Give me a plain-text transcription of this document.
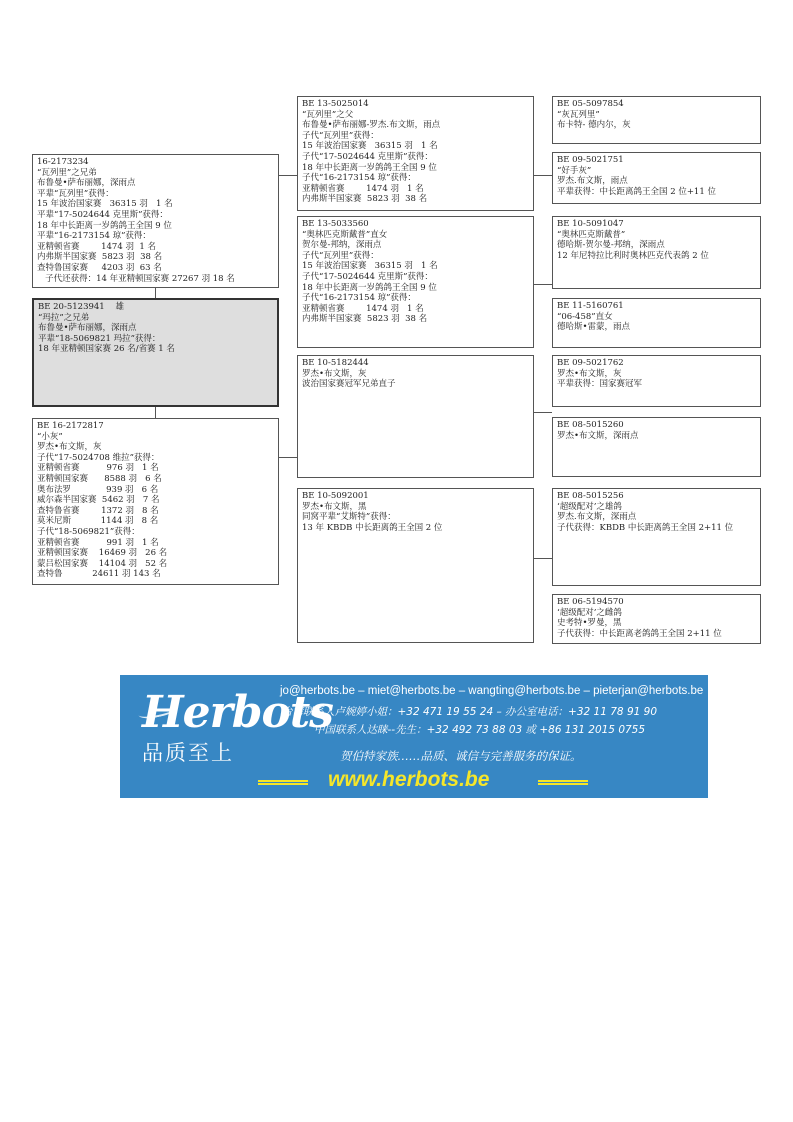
16-2173234
“瓦列里”之兄弟
布鲁曼•萨布丽娜，深雨点
平辈“瓦列里”获得：
15 年波治国家赛   36315 羽   1 名
平辈“17-5024644 克里斯”获得：
18 年中长距离一岁鸽鸽王全国 9 位
平辈“16-2173154 琼”获得：
亚精顿省赛        1474 羽  1 名
内弗斯半国家赛  5823 羽  38 名
查特鲁国家赛     4203 羽  63 名
子代还获得：14 年亚精顿国家赛 27267 羽 18 名
BE 20-5123941    雄
“玛拉”之兄弟
布鲁曼•萨布丽娜，深雨点
平辈“18-5069821 玛拉”获得：
18 年亚精顿国家赛 26 名/省赛 1 名
BE 16-2172817
“小灰”
罗杰•布文斯，灰
子代“17-5024708 维拉”获得：
亚精顿省赛          976 羽   1 名
亚精顿国家赛      8588 羽   6 名
奥布法罗             939 羽   6 名
威尔森半国家赛  5462 羽   7 名
查特鲁省赛        1372 羽   8 名
莫米尼斯           1144 羽   8 名
子代“18-5069821”获得：
亚精顿省赛          991 羽   1 名
亚精顿国家赛    16469 羽   26 名
蒙吕松国家赛    14104 羽   52 名
查特鲁           24611 羽 143 名
BE 13-5025014
“瓦列里”之父
布鲁曼•萨布丽娜-罗杰.布文斯，雨点
子代“瓦列里”获得：
15 年波治国家赛   36315 羽   1 名
子代“17-5024644 克里斯”获得：
18 年中长距离一岁鸽鸽王全国 9 位
子代“16-2173154 琼”获得：
亚精顿省赛        1474 羽   1 名
内弗斯半国家赛  5823 羽  38 名
BE 13-5033560
“奥林匹克斯戴普”直女
贺尔曼-邦纳，深雨点
子代“瓦列里”获得：
15 年波治国家赛   36315 羽   1 名
子代“17-5024644 克里斯”获得：
18 年中长距离一岁鸽鸽王全国 9 位
子代“16-2173154 琼”获得：
亚精顿省赛        1474 羽   1 名
内弗斯半国家赛  5823 羽  38 名
BE 10-5182444
罗杰•布文斯，灰
波治国家赛冠军兄弟直子
BE 10-5092001
罗杰•布文斯，黑
同窝平辈“艾斯特”获得：
13 年 KBDB 中长距离鸽王全国 2 位
BE 05-5097854
“灰瓦列里”
布卡特- 德内尔，灰
BE 09-5021751
“好手灰”
罗杰.布文斯，雨点
平辈获得：中长距离鸽王全国 2 位+11 位
BE 10-5091047
“奥林匹克斯戴普”
德哈斯-贺尔曼-邦纳，深雨点
12 年尼特拉比利时奥林匹克代表鸽 2 位
BE 11-5160761
“06-458”直女
德哈斯•雷蒙，雨点
BE 09-5021762
罗杰•布文斯，灰
平辈获得：国家赛冠军
BE 08-5015260
罗杰•布文斯，深雨点
BE 08-5015256
‘超级配对’之雄鸽
罗杰.布文斯，深雨点
子代获得：KBDB 中长距离鸽王全国 2+11 位
BE 06-5194570
‘超级配对’之雌鸽
史考特•罗曼，黑
子代获得：中长距离老鸽鸽王全国 2+11 位
Herbots
品质至上
jo@herbots.be – miet@herbots.be – wangting@herbots.be – pieterjan@herbots.be
台湾联系人卢婉婷小姐：+32 471 19 55 24 – 办公室电话：+32 11 78 91 90
中国联系人达睐--先生：+32 492 73 88 03 或 +86 131 2015 0755
贺伯特家族……品质、诚信与完善服务的保证。
www.herbots.be
